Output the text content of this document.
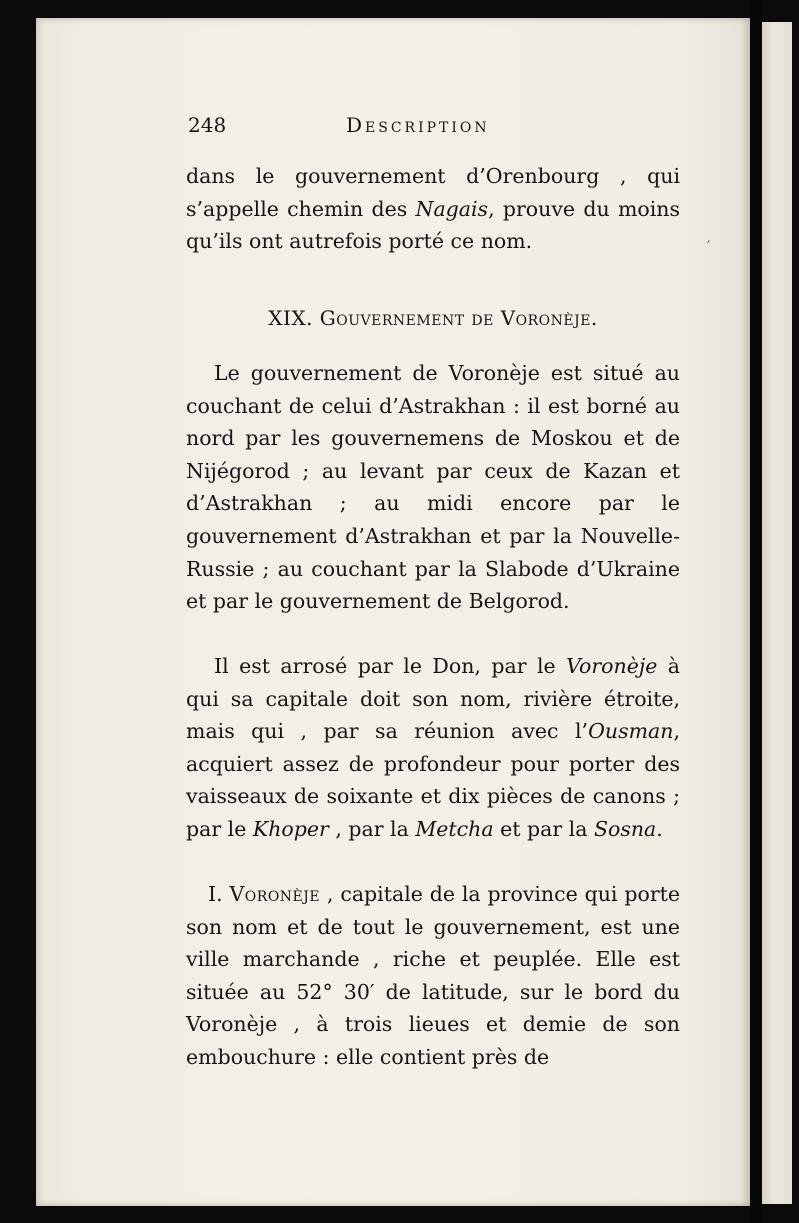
248	Description
dans le gouvernement d’Orenbourg , qui s’appelle chemin des Nagais, prouve du moins qu’ils ont autrefois porté ce nom.	′
XIX. Gouvernement de Voronèje.
Le gouvernement de Voronèje est situé au couchant de celui d’Astrakhan : il est borné au nord par les gouvernemens de Moskou et de Nijégorod ; au levant par ceux de Kazan et d’Astrakhan ; au midi encore par le gouvernement d’Astrakhan et par la Nouvelle-Russie ; au couchant par la Slabode d’Ukraine et par le gouvernement de Belgorod.
Il est arrosé par le Don, par le Voronèje à qui sa capitale doit son nom, rivière étroite, mais qui , par sa réunion avec l’Ousman, acquiert assez de profondeur pour porter des vaisseaux de soixante et dix pièces de canons ; par le Khoper , par la Metcha et par la Sosna.
I. Voronèje , capitale de la province qui porte son nom et de tout le gouvernement, est une ville marchande , riche et peuplée. Elle est située au 52° 30′ de latitude, sur le bord du Voronèje , à trois lieues et demie de son embouchure : elle contient près de
